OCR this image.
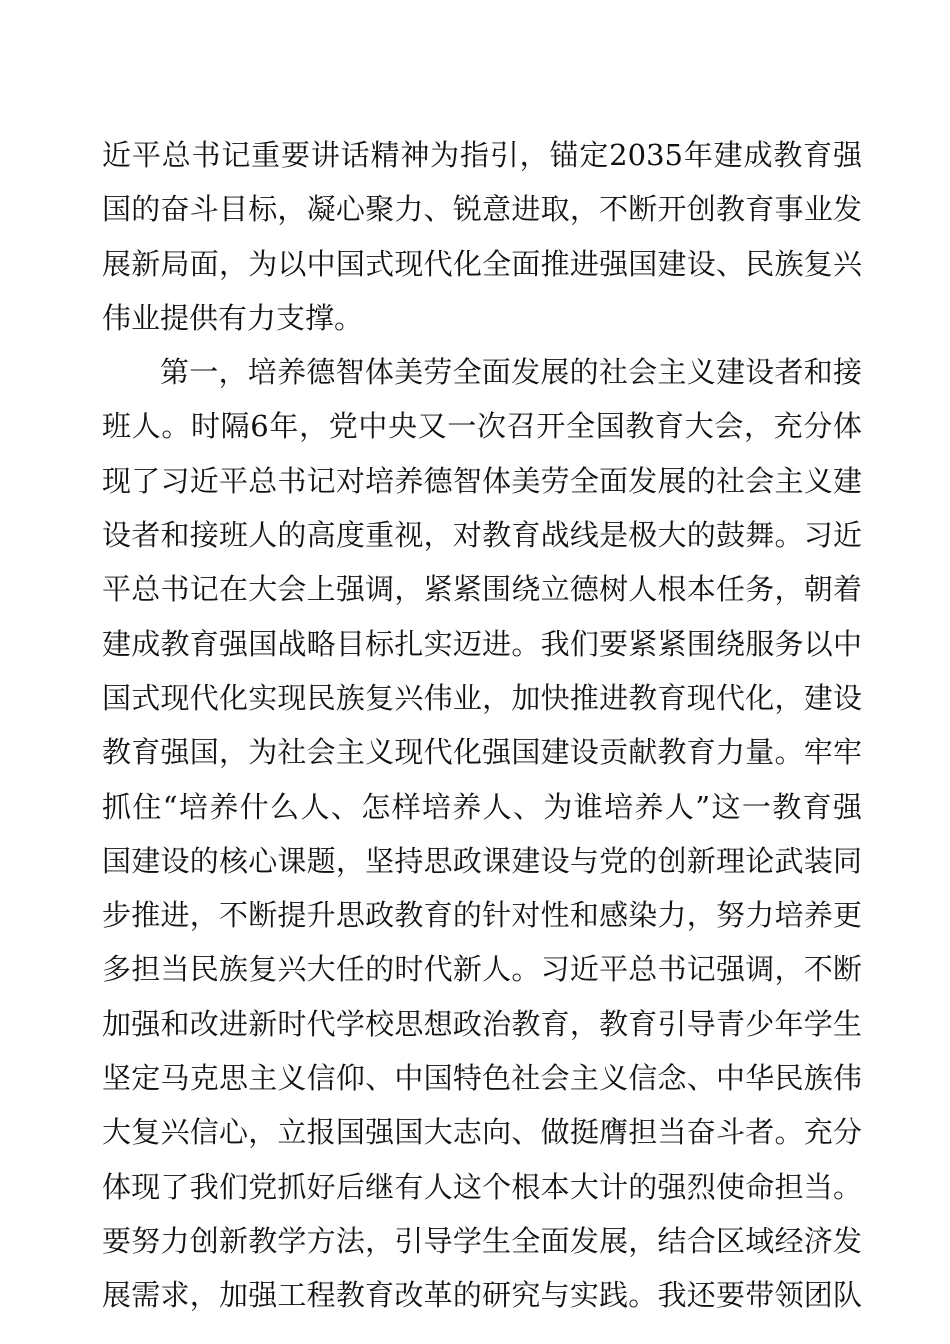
近平总书记重要讲话精神为指引，锚定2035年建成教育强
国的奋斗目标，凝心聚力、锐意进取，不断开创教育事业发
展新局面，为以中国式现代化全面推进强国建设、民族复兴
伟业提供有力支撑。
第一，培养德智体美劳全面发展的社会主义建设者和接
班人。时隔6年，党中央又一次召开全国教育大会，充分体
现了习近平总书记对培养德智体美劳全面发展的社会主义建
设者和接班人的高度重视，对教育战线是极大的鼓舞。习近
平总书记在大会上强调，紧紧围绕立德树人根本任务，朝着
建成教育强国战略目标扎实迈进。我们要紧紧围绕服务以中
国式现代化实现民族复兴伟业，加快推进教育现代化，建设
教育强国，为社会主义现代化强国建设贡献教育力量。牢牢
抓住“培养什么人、怎样培养人、为谁培养人”这一教育强
国建设的核心课题，坚持思政课建设与党的创新理论武装同
步推进，不断提升思政教育的针对性和感染力，努力培养更
多担当民族复兴大任的时代新人。习近平总书记强调，不断
加强和改进新时代学校思想政治教育，教育引导青少年学生
坚定马克思主义信仰、中国特色社会主义信念、中华民族伟
大复兴信心，立报国强国大志向、做挺膺担当奋斗者。充分
体现了我们党抓好后继有人这个根本大计的强烈使命担当。
要努力创新教学方法，引导学生全面发展，结合区域经济发
展需求，加强工程教育改革的研究与实践。我还要带领团队
